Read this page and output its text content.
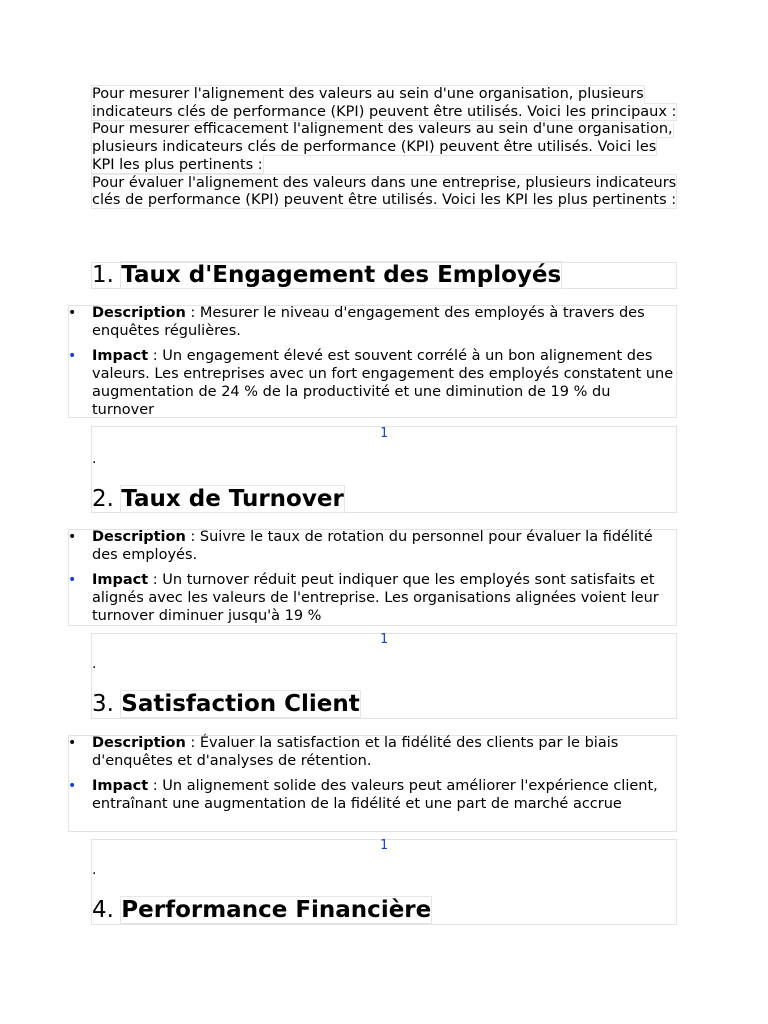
Pour mesurer l'alignement des valeurs au sein d'une organisation, plusieurs indicateurs clés de performance (KPI) peuvent être utilisés. Voici les principaux :

Pour mesurer efficacement l'alignement des valeurs au sein d'une organisation, plusieurs indicateurs clés de performance (KPI) peuvent être utilisés. Voici les KPI les plus pertinents :

Pour évaluer l'alignement des valeurs dans une entreprise, plusieurs indicateurs clés de performance (KPI) peuvent être utilisés. Voici les KPI les plus pertinents :

1. Taux d'Engagement des Employés
• Description : Mesurer le niveau d'engagement des employés à travers des enquêtes régulières.
• Impact : Un engagement élevé est souvent corrélé à un bon alignement des valeurs. Les entreprises avec un fort engagement des employés constatent une augmentation de 24 % de la productivité et une diminution de 19 % du turnover
1
.
2. Taux de Turnover
• Description : Suivre le taux de rotation du personnel pour évaluer la fidélité des employés.
• Impact : Un turnover réduit peut indiquer que les employés sont satisfaits et alignés avec les valeurs de l'entreprise. Les organisations alignées voient leur turnover diminuer jusqu'à 19 %
1
.
3. Satisfaction Client
• Description : Évaluer la satisfaction et la fidélité des clients par le biais d'enquêtes et d'analyses de rétention.
• Impact : Un alignement solide des valeurs peut améliorer l'expérience client, entraînant une augmentation de la fidélité et une part de marché accrue
1
.
4. Performance Financière
